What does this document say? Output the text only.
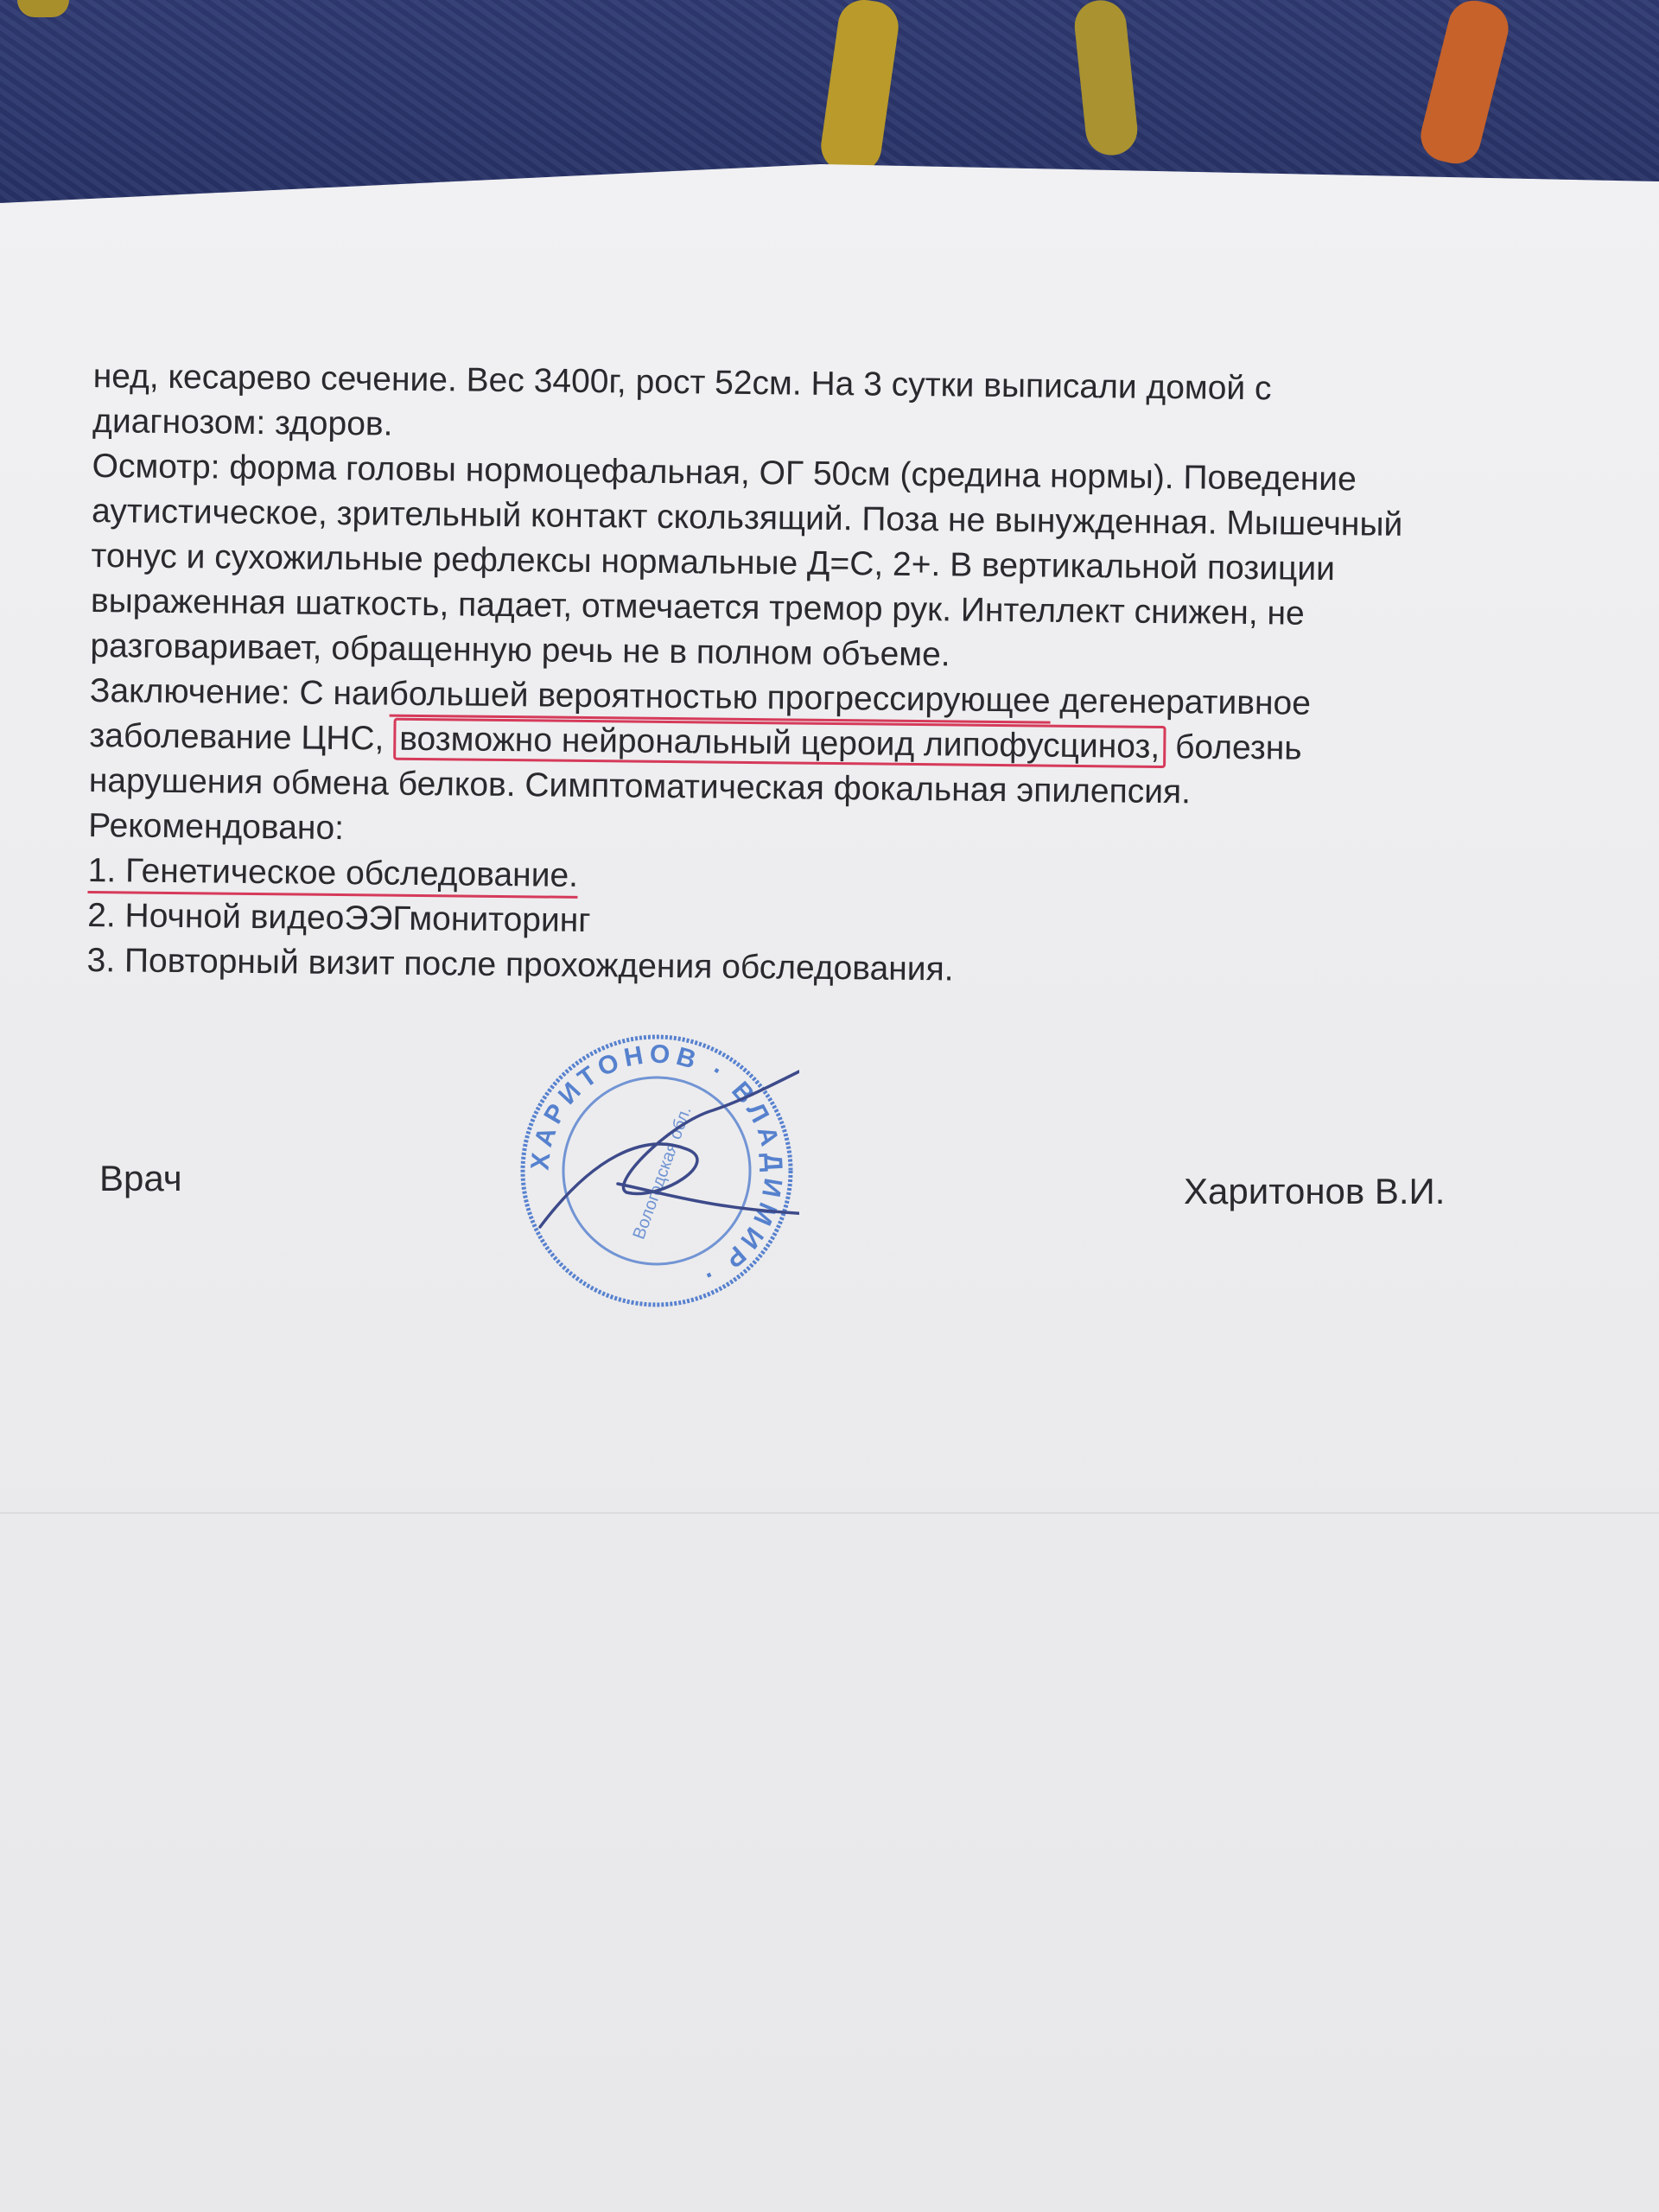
нед, кесарево сечение. Вес 3400г, рост 52см. На 3 сутки выписали домой с
диагнозом: здоров.
Осмотр: форма головы нормоцефальная, ОГ 50см (средина нормы). Поведение
аутистическое, зрительный контакт скользящий. Поза не вынужденная. Мышечный
тонус и сухожильные рефлексы нормальные Д=С, 2+. В вертикальной позиции
выраженная шаткость, падает, отмечается тремор рук. Интеллект снижен, не
разговаривает, обращенную речь не в полном объеме.
Заключение: С наибольшей вероятностью прогрессирующее дегенеративное
заболевание ЦНС, возможно нейрональный цероид липофусциноз, болезнь
нарушения обмена белков. Симптоматическая фокальная эпилепсия.
Рекомендовано:
1. Генетическое обследование.
2. Ночной видеоЭЭГмониторинг
3. Повторный визит после прохождения обследования.
Врач	Харитонов В.И.
ХАРИТОНОВ · ВЛАДИМИР ·
Вологодская обл.
